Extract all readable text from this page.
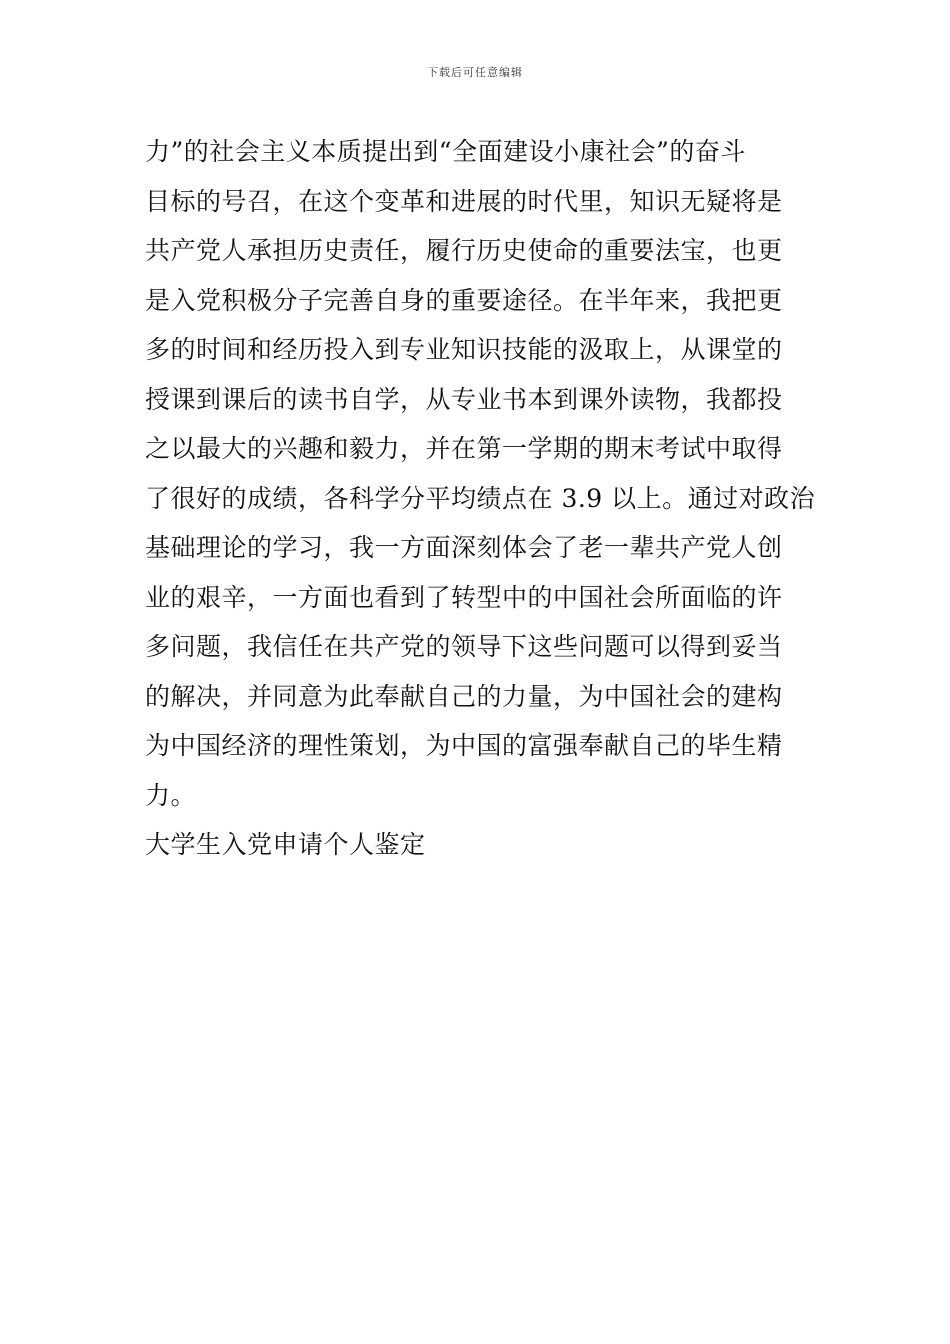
下载后可任意编辑
力”的社会主义本质提出到“全面建设小康社会”的奋斗
目标的号召，在这个变革和进展的时代里，知识无疑将是
共产党人承担历史责任，履行历史使命的重要法宝，也更
是入党积极分子完善自身的重要途径。在半年来，我把更
多的时间和经历投入到专业知识技能的汲取上，从课堂的
授课到课后的读书自学，从专业书本到课外读物，我都投
之以最大的兴趣和毅力，并在第一学期的期末考试中取得
了很好的成绩，各科学分平均绩点在 3.9 以上。通过对政治
基础理论的学习，我一方面深刻体会了老一辈共产党人创
业的艰辛，一方面也看到了转型中的中国社会所面临的许
多问题，我信任在共产党的领导下这些问题可以得到妥当
的解决，并同意为此奉献自己的力量，为中国社会的建构
为中国经济的理性策划，为中国的富强奉献自己的毕生精
力。
大学生入党申请个人鉴定
